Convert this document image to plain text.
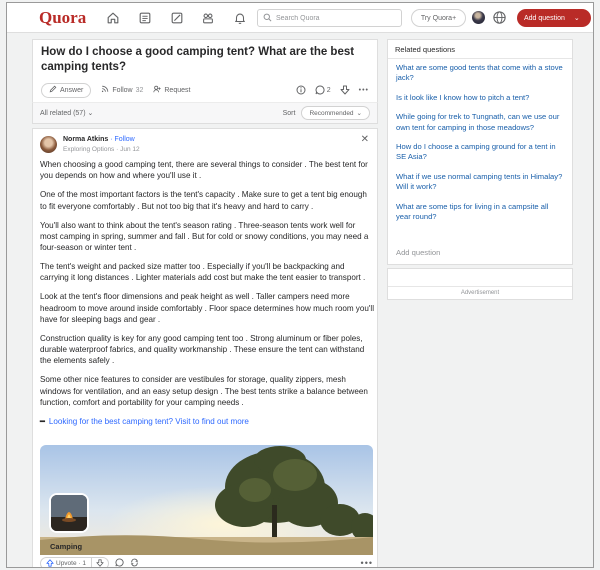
Quora
Search Quora	Try Quora+	Add question ⌄
How do I choose a good camping tent? What are the best camping tents?
Answer	Follow 32	Request	2	•••
All related (57) ⌄	Sort Recommended ⌄
Norma Atkins · Follow
Exploring Options · Jun 12
✕

When choosing a good camping tent, there are several things to consider . The best tent for you depends on how and where you'll use it .

One of the most important factors is the tent's capacity . Make sure to get a tent big enough to fit everyone comfortably . But not too big that it's heavy and hard to carry .

You'll also want to think about the tent's season rating . Three-season tents work well for most camping in spring, summer and fall . But for cold or snowy conditions, you may need a four-season or winter tent .

The tent's weight and packed size matter too . Especially if you'll be backpacking and carrying it long distances . Lighter materials add cost but make the tent easier to transport .

Look at the tent's floor dimensions and peak height as well . Taller campers need more headroom to move around inside comfortably . Floor space determines how much room you'll have for sleeping bags and gear .

Construction quality is key for any good camping tent too . Strong aluminum or fiber poles, durable waterproof fabrics, and quality workmanship . These ensure the tent can withstand the elements safely .

Some other nice features to consider are vestibules for storage, quality zippers, mesh windows for ventilation, and an easy setup design . The best tents strike a balance between function, comfort and portability for your camping needs .

━ Looking for the best camping tent? Visit to find out more
Camping
Upvote · 1	•••
Related questions
What are some good tents that come with a stove jack?
Is it look like I know how to pitch a tent?
While going for trek to Tungnath, can we use our own tent for camping in those meadows?
How do I choose a camping ground for a tent in SE Asia?
What if we use normal camping tents in Himalay? Will it work?
What are some tips for living in a campsite all year round?
Add question
Advertisement
